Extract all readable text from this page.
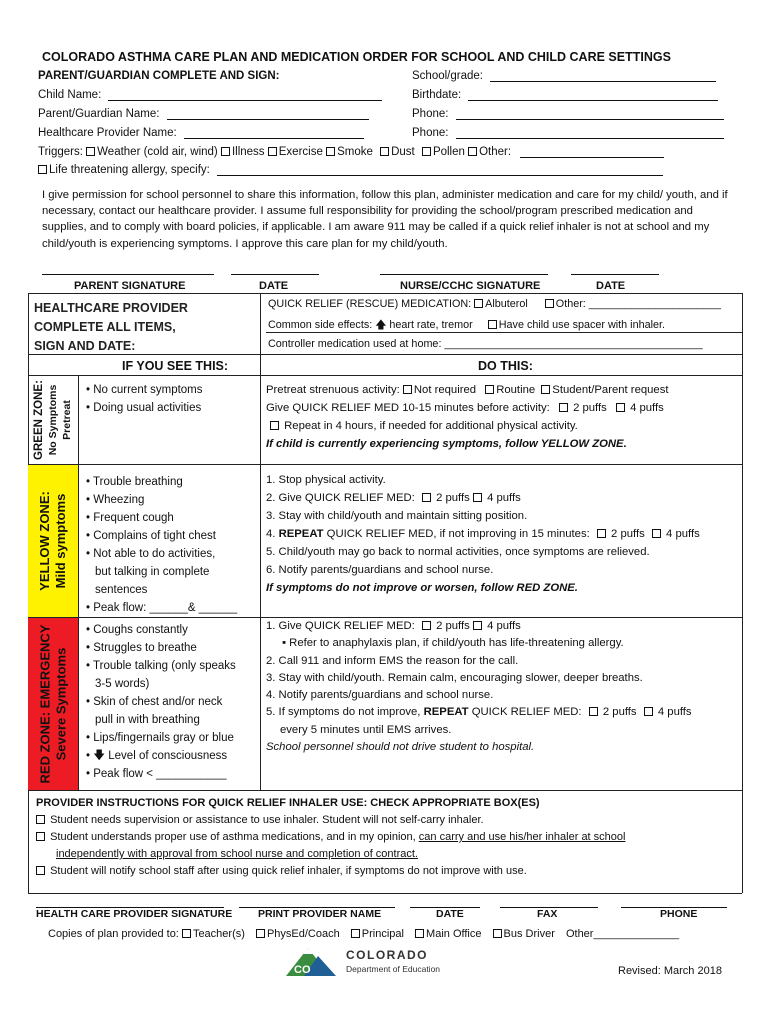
COLORADO ASTHMA CARE PLAN AND MEDICATION ORDER FOR SCHOOL AND CHILD CARE SETTINGS
PARENT/GUARDIAN COMPLETE AND SIGN:
Child Name:
Parent/Guardian Name:
Healthcare Provider Name:
School/grade:
Birthdate:
Phone:
Phone:
Triggers: Weather (cold air, wind) Illness Exercise Smoke Dust Pollen Other:
Life threatening allergy, specify:
I give permission for school personnel to share this information, follow this plan, administer medication and care for my child/ youth, and if necessary, contact our healthcare provider. I assume full responsibility for providing the school/program prescribed medication and supplies, and to comply with board policies, if applicable. I am aware 911 may be called if a quick relief inhaler is not at school and my child/youth is experiencing symptoms. I approve this care plan for my child/youth.

PARENT SIGNATURE	DATE	NURSE/CCHC SIGNATURE	DATE
HEALTHCARE PROVIDER
COMPLETE ALL ITEMS,
SIGN AND DATE:
QUICK RELIEF (RESCUE) MEDICATION: Albuterol	Other: ______________________
Common side effects: 🡅 heart rate, tremor Have child use spacer with inhaler.
Controller medication used at home: ___________________________________________
IF YOU SEE THIS:	DO THIS:
GREEN ZONE: No Symptoms Pretreat
• No current symptoms
• Doing usual activities
Pretreat strenuous activity: Not required Routine Student/Parent request
Give QUICK RELIEF MED 10-15 minutes before activity: 2 puffs 4 puffs
Repeat in 4 hours, if needed for additional physical activity.
If child is currently experiencing symptoms, follow YELLOW ZONE.
YELLOW ZONE: Mild symptoms
• Trouble breathing
• Wheezing
• Frequent cough
• Complains of tight chest
• Not able to do activities,
but talking in complete
sentences
• Peak flow: ______& ______
1. Stop physical activity.
2. Give QUICK RELIEF MED: 2 puffs 4 puffs
3. Stay with child/youth and maintain sitting position.
4. REPEAT QUICK RELIEF MED, if not improving in 15 minutes: 2 puffs 4 puffs
5. Child/youth may go back to normal activities, once symptoms are relieved.
6. Notify parents/guardians and school nurse.
If symptoms do not improve or worsen, follow RED ZONE.
RED ZONE: EMERGENCY Severe Symptoms
• Coughs constantly
• Struggles to breathe
• Trouble talking (only speaks
3-5 words)
• Skin of chest and/or neck
pull in with breathing
• Lips/fingernails gray or blue
• 🡇 Level of consciousness
• Peak flow < ___________
1. Give QUICK RELIEF MED: 2 puffs 4 puffs
▪ Refer to anaphylaxis plan, if child/youth has life-threatening allergy.
2. Call 911 and inform EMS the reason for the call.
3. Stay with child/youth. Remain calm, encouraging slower, deeper breaths.
4. Notify parents/guardians and school nurse.
5. If symptoms do not improve, REPEAT QUICK RELIEF MED: 2 puffs 4 puffs
every 5 minutes until EMS arrives.
School personnel should not drive student to hospital.
PROVIDER INSTRUCTIONS FOR QUICK RELIEF INHALER USE: CHECK APPROPRIATE BOX(ES)
Student needs supervision or assistance to use inhaler. Student will not self-carry inhaler.
Student understands proper use of asthma medications, and in my opinion, can carry and use his/her inhaler at school
independently with approval from school nurse and completion of contract.
Student will notify school staff after using quick relief inhaler, if symptoms do not improve with use.

HEALTH CARE PROVIDER SIGNATURE PRINT PROVIDER NAME	DATE	FAX	PHONE
Copies of plan provided to: Teacher(s) PhysEd/Coach Principal Main Office Bus Driver Other______________
CO
COLORADO
Department of Education	Revised: March 2018
